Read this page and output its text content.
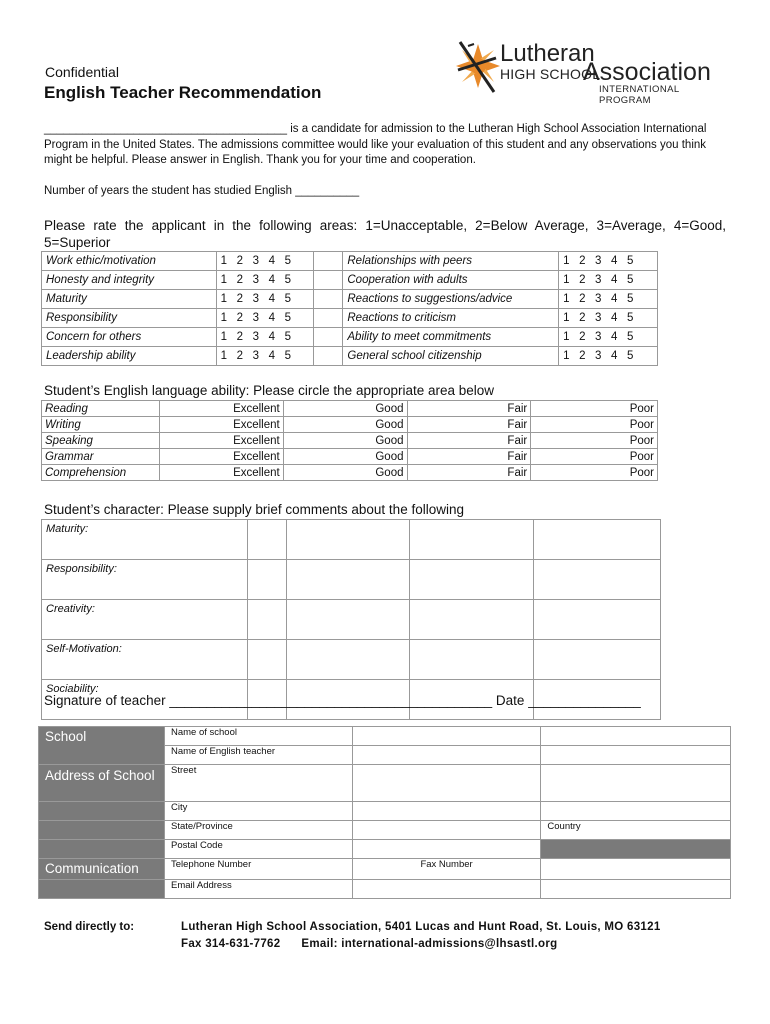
Confidential
English Teacher Recommendation
Lutheran
HIGH SCHOOL
Association
INTERNATIONAL PROGRAM
______________________________________ is a candidate for admission to the Lutheran High School Association International Program in the United States. The admissions committee would like your evaluation of this student and any observations you think might be helpful. Please answer in English. Thank you for your time and cooperation.
Number of years the student has studied English __________
Please rate the applicant in the following areas: 1=Unacceptable, 2=Below Average, 3=Average, 4=Good, 5=Superior
Work ethic/motivation	1   2   3   4   5		Relationships with peers	1   2   3   4   5
Honesty and integrity	1   2   3   4   5		Cooperation with adults	1   2   3   4   5
Maturity	1   2   3   4   5		Reactions to suggestions/advice	1   2   3   4   5
Responsibility	1   2   3   4   5		Reactions to criticism	1   2   3   4   5
Concern for others	1   2   3   4   5		Ability to meet commitments	1   2   3   4   5
Leadership ability	1   2   3   4   5		General school citizenship	1   2   3   4   5
Student’s English language ability: Please circle the appropriate area below
Reading	Excellent	Good	Fair	Poor
Writing	Excellent	Good	Fair	Poor
Speaking	Excellent	Good	Fair	Poor
Grammar	Excellent	Good	Fair	Poor
Comprehension	Excellent	Good	Fair	Poor
Student’s character: Please supply brief comments about the following
Maturity:				
Responsibility:				
Creativity:				
Self-Motivation:				
Sociability:				
Signature of teacher ___________________________________________ Date _______________
School	Name of school		
	Name of English teacher		
Address of School	Street		
	City		
	State/Province		Country
	Postal Code		
Communication	Telephone Number	Fax Number	
	Email Address		
Send directly to:	Lutheran High School Association, 5401 Lucas and Hunt Road, St. Louis, MO 63121
Fax 314-631-7762      Email: international-admissions@lhsastl.org
